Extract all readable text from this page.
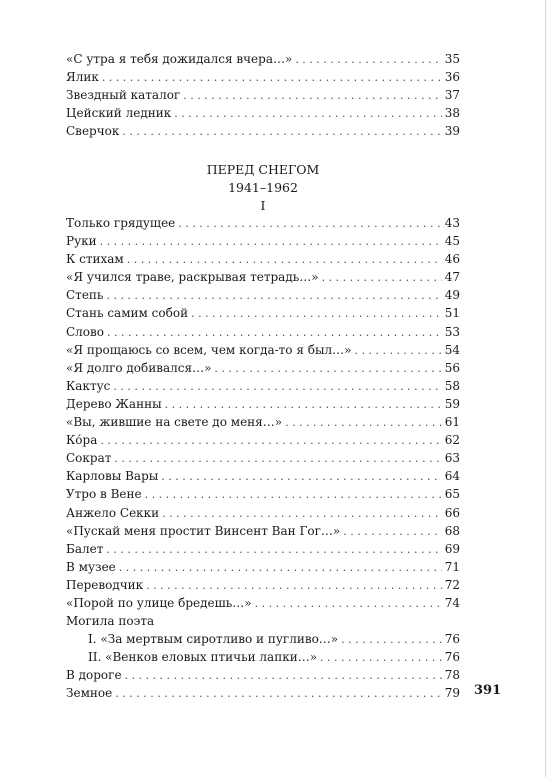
«С утра я тебя дожидался вчера…» . . .	35
Ялик . . .	36
Звездный каталог . . .	37
Цейский ледник . . .	38
Сверчок . . .	39
ПЕРЕД СНЕГОМ
1941–1962
I
Только грядущее . . .	43
Руки . . .	45
К стихам . . .	46
«Я учился траве, раскрывая тетрадь…» . . .	47
Степь . . .	49
Стань самим собой . . .	51
Слово . . .	53
«Я прощаюсь со всем, чем когда-то я был…» . . .	54
«Я долго добивался…» . . .	56
Кактус . . .	58
Дерево Жанны . . .	59
«Вы, жившие на свете до меня…» . . .	61
Ко́ра . . .	62
Сократ . . .	63
Карловы Вары . . .	64
Утро в Вене . . .	65
Анжело Секки . . .	66
«Пускай меня простит Винсент Ван Гог…» . . .	68
Балет . . .	69
В музее . . .	71
Переводчик . . .	72
«Порой по улице бредешь…» . . .	74
Могила поэта
I. «За мертвым сиротливо и пугливо…» . . .	76
II. «Венков еловых птичьи лапки…» . . .	76
В дороге . . .	78
Земное . . .	79 391
